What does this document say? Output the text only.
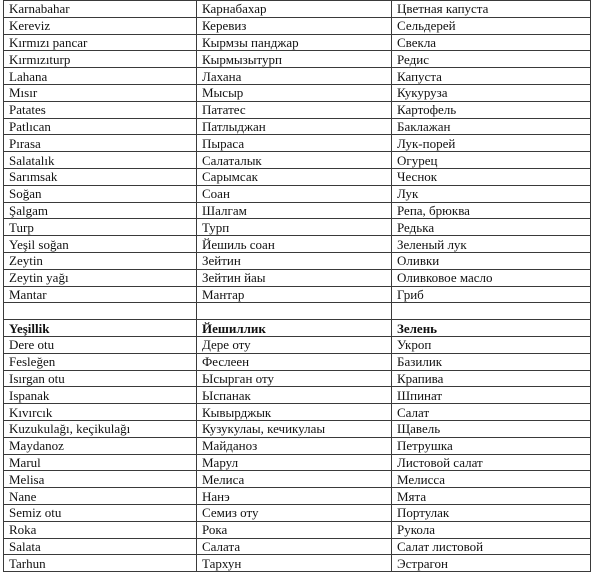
Karnabahar	Карнабахар	Цветная капуста
Kereviz	Керевиз	Сельдерей
Kırmızı pancar	Кырмзы панджар	Свекла
Kırmızıturp	Кырмызытурп	Редис
Lahana	Лахана	Капуста
Mısır	Мысыр	Кукуруза
Patates	Пататес	Картофель
Patlıcan	Патлыджан	Баклажан
Pırasa	Пыраса	Лук-порей
Salatalık	Салаталык	Огурец
Sarımsak	Сарымсак	Чеснок
Soğan	Соан	Лук
Şalgam	Шалгам	Репа, брюква
Turp	Турп	Редька
Yeşil soğan	Йешиль соан	Зеленый лук
Zeytin	Зейтин	Оливки
Zeytin yağı	Зейтин йаы	Оливковое масло
Mantar	Мантар	Гриб

Yeşillik	Йешиллик	Зелень
Dere otu	Дере оту	Укроп
Fesleğen	Феслеен	Базилик
Isırgan otu	Ысырган оту	Крапива
Ispanak	Ыспанак	Шпинат
Kıvırcık	Кывырджык	Салат
Kuzukulağı, keçikulağı	Кузукулаы, кечикулаы	Щавель
Maydanoz	Майданоз	Петрушка
Marul	Марул	Листовой салат
Melisa	Мелиса	Мелисса
Nane	Нанэ	Мята
Semiz otu	Семиз оту	Портулак
Roka	Рока	Рукола
Salata	Салата	Салат листовой
Tarhun	Тархун	Эстрагон
